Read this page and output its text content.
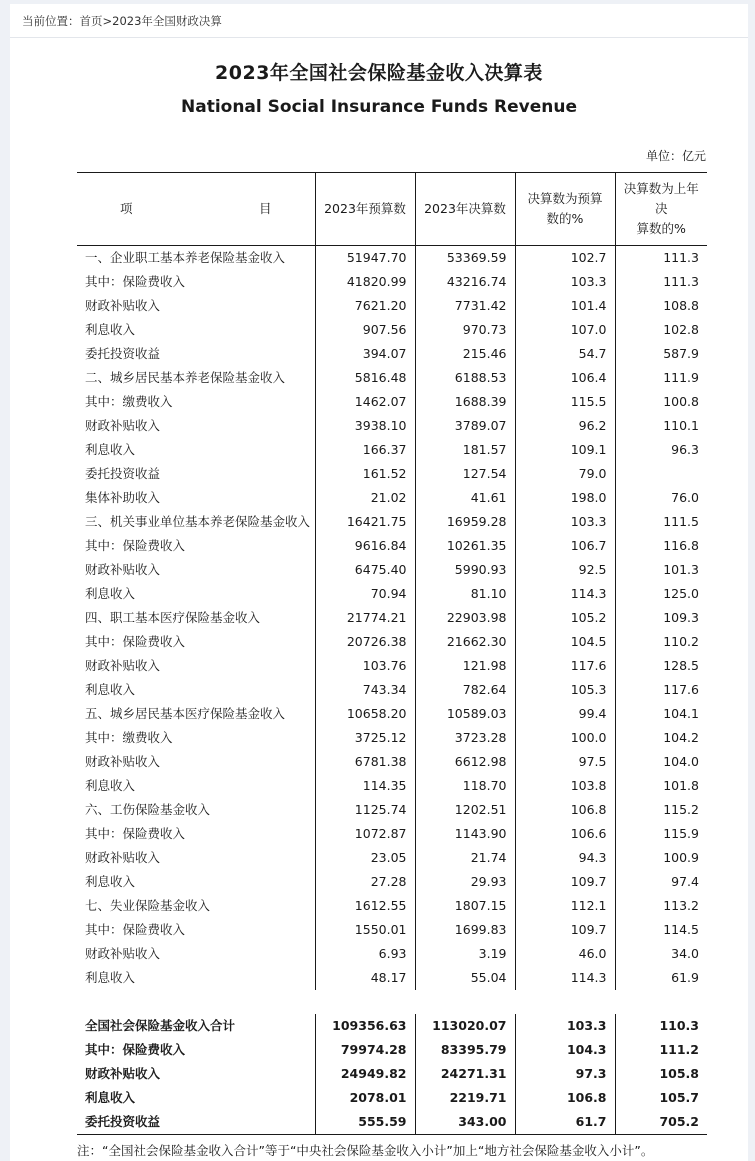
当前位置：首页>2023年全国财政决算
2023年全国社会保险基金收入决算表
National Social Insurance Funds Revenue
单位：亿元
项 目	2023年预算数	2023年决算数	决算数为预算
数的%	决算数为上年决
算数的%
一、企业职工基本养老保险基金收入	51947.70	53369.59	102.7	111.3
其中：保险费收入	41820.99	43216.74	103.3	111.3
财政补贴收入	7621.20	7731.42	101.4	108.8
利息收入	907.56	970.73	107.0	102.8
委托投资收益	394.07	215.46	54.7	587.9
二、城乡居民基本养老保险基金收入	5816.48	6188.53	106.4	111.9
其中：缴费收入	1462.07	1688.39	115.5	100.8
财政补贴收入	3938.10	3789.07	96.2	110.1
利息收入	166.37	181.57	109.1	96.3
委托投资收益	161.52	127.54	79.0	
集体补助收入	21.02	41.61	198.0	76.0
三、机关事业单位基本养老保险基金收入	16421.75	16959.28	103.3	111.5
其中：保险费收入	9616.84	10261.35	106.7	116.8
财政补贴收入	6475.40	5990.93	92.5	101.3
利息收入	70.94	81.10	114.3	125.0
四、职工基本医疗保险基金收入	21774.21	22903.98	105.2	109.3
其中：保险费收入	20726.38	21662.30	104.5	110.2
财政补贴收入	103.76	121.98	117.6	128.5
利息收入	743.34	782.64	105.3	117.6
五、城乡居民基本医疗保险基金收入	10658.20	10589.03	99.4	104.1
其中：缴费收入	3725.12	3723.28	100.0	104.2
财政补贴收入	6781.38	6612.98	97.5	104.0
利息收入	114.35	118.70	103.8	101.8
六、工伤保险基金收入	1125.74	1202.51	106.8	115.2
其中：保险费收入	1072.87	1143.90	106.6	115.9
财政补贴收入	23.05	21.74	94.3	100.9
利息收入	27.28	29.93	109.7	97.4
七、失业保险基金收入	1612.55	1807.15	112.1	113.2
其中：保险费收入	1550.01	1699.83	109.7	114.5
财政补贴收入	6.93	3.19	46.0	34.0
利息收入	48.17	55.04	114.3	61.9

全国社会保险基金收入合计	109356.63	113020.07	103.3	110.3
其中：保险费收入	79974.28	83395.79	104.3	111.2
财政补贴收入	24949.82	24271.31	97.3	105.8
利息收入	2078.01	2219.71	106.8	105.7
委托投资收益	555.59	343.00	61.7	705.2
注：“全国社会保险基金收入合计”等于“中央社会保险基金收入小计”加上“地方社会保险基金收入小计”。
